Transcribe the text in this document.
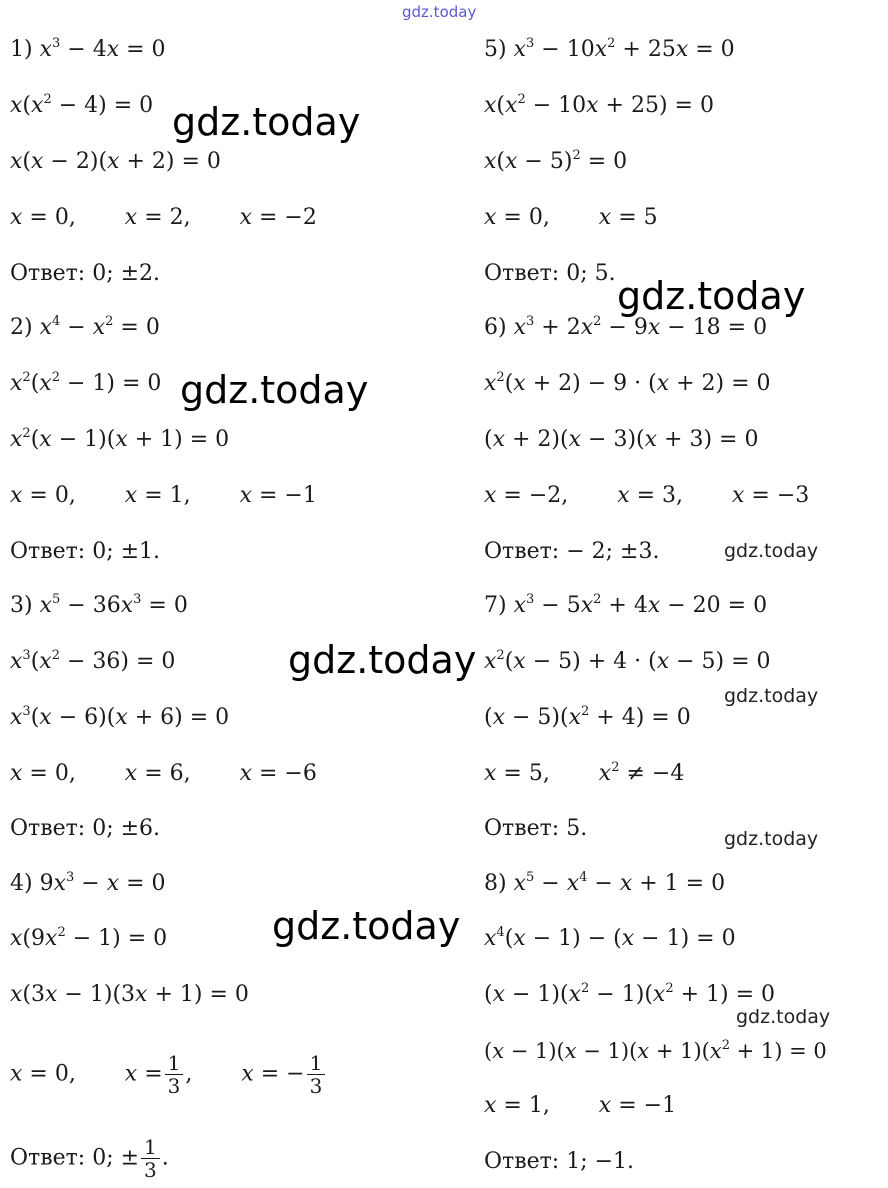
gdz.today
gdz.today
gdz.today
gdz.today
gdz.today
gdz.today
gdz.today
gdz.today
gdz.today
gdz.today
1) $x^3 - 4x = 0$
$x(x^2 - 4) = 0$
x(x − 2)(x + 2) = 0
x = 0,       x = 2,       x = −2
Ответ: 0; ±2.
2) $x^4 - x^2 = 0$
$x^2(x^2 - 1) = 0$
$x^2(x - 1)(x + 1) = 0$
x = 0,       x = 1,       x = −1
Ответ: 0; ±1.
3) $x^5 - 36x^3 = 0$
$x^3(x^2 - 36) = 0$
$x^3(x - 6)(x + 6) = 0$
x = 0,       x = 6,       x = −6
Ответ: 0; ±6.
4) $9x^3 - x = 0$
$x(9x^2 - 1) = 0$
x(3x − 1)(3x + 1) = 0
x = 0,       $x = \frac{1}{3}$ ,       x = − $\frac{1}{3}$
Ответ: 0; ± $\frac{1}{3}$ .
5) $x^3 - 10x^2 + 25x = 0$
$x(x^2 - 10x + 25) = 0$
$x(x - 5)^2 = 0$
x = 0,       x = 5
Ответ: 0; 5.
6) $x^3 + 2x^2 - 9x - 18 = 0$
$x^2(x + 2) - 9 \cdot (x + 2) = 0$
(x + 2)(x − 3)(x + 3) = 0
x = −2,       x = 3,       x = −3
Ответ: − 2; ±3.
7) $x^3 - 5x^2 + 4x - 20 = 0$
$x^2(x - 5) + 4 \cdot (x - 5) = 0$
$(x - 5)(x^2 + 4) = 0$
x = 5,       $x^2 \ne -4$
Ответ: 5.
8) $x^5 - x^4 - x + 1 = 0$
$x^4(x - 1) - (x - 1) = 0$
$(x - 1)(x^2 - 1)(x^2 + 1) = 0$
$(x - 1)(x - 1)(x + 1)(x^2 + 1) = 0$
x = 1,       x = −1
Ответ: 1; −1.
